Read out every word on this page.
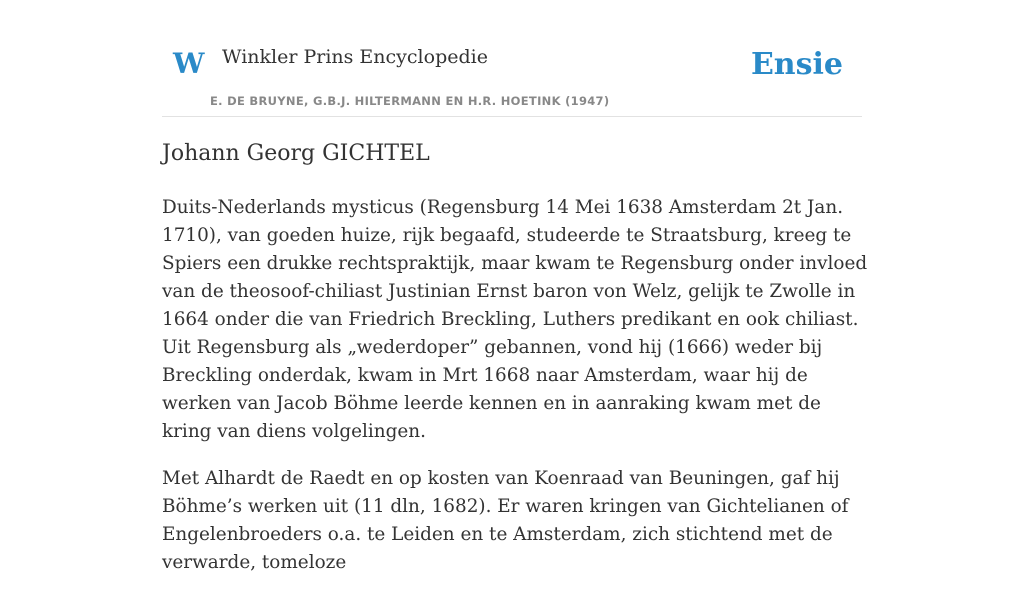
W Winkler Prins Encyclopedie
E. DE BRUYNE, G.B.J. HILTERMANN EN H.R. HOETINK (1947)
Ensie
Johann Georg GICHTEL

Duits-Nederlands mysticus (Regensburg 14 Mei 1638 Amsterdam 2t Jan. 1710), van goeden huize, rijk begaafd, studeerde te Straatsburg, kreeg te Spiers een drukke rechtspraktijk, maar kwam te Regensburg onder invloed van de theosoof-chiliast Justinian Ernst baron von Welz, gelijk te Zwolle in 1664 onder die van Friedrich Breckling, Luthers predikant en ook chiliast. Uit Regensburg als „wederdoper” gebannen, vond hij (1666) weder bij Breckling onderdak, kwam in Mrt 1668 naar Amsterdam, waar hij de werken van Jacob Böhme leerde kennen en in aanraking kwam met de kring van diens volgelingen.

Met Alhardt de Raedt en op kosten van Koenraad van Beuningen, gaf hij Böhme’s werken uit (11 dln, 1682). Er waren kringen van Gichtelianen of Engelenbroeders o.a. te Leiden en te Amsterdam, zich stichtend met de verwarde, tomeloze
